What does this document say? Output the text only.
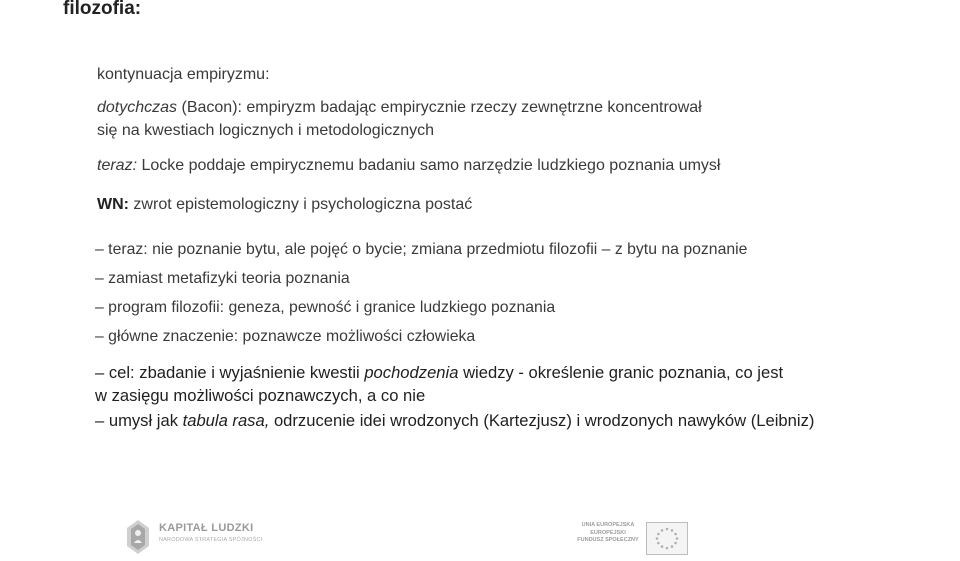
filozofia:
kontynuacja empiryzmu:
dotychczas (Bacon): empiryzm badając empirycznie rzeczy zewnętrzne koncentrował
się na kwestiach logicznych i metodologicznych
teraz: Locke poddaje empirycznemu badaniu samo narzędzie ludzkiego poznania umysł
WN: zwrot epistemologiczny i psychologiczna postać
– teraz: nie poznanie bytu, ale pojęć o bycie; zmiana przedmiotu filozofii – z bytu na poznanie
– zamiast metafizyki teoria poznania
– program filozofii: geneza, pewność i granice ludzkiego poznania
– główne znaczenie: poznawcze możliwości człowieka
– cel: zbadanie i wyjaśnienie kwestii pochodzenia wiedzy - określenie granic poznania, co jest
w zasięgu możliwości poznawczych, a co nie
– umysł jak tabula rasa, odrzucenie idei wrodzonych (Kartezjusz) i wrodzonych nawyków (Leibniz)
KAPITAŁ LUDZKI
NARODOWA STRATEGIA SPÓJNOŚCI
UNIA EUROPEJSKA
EUROPEJSKI
FUNDUSZ SPOŁECZNY
